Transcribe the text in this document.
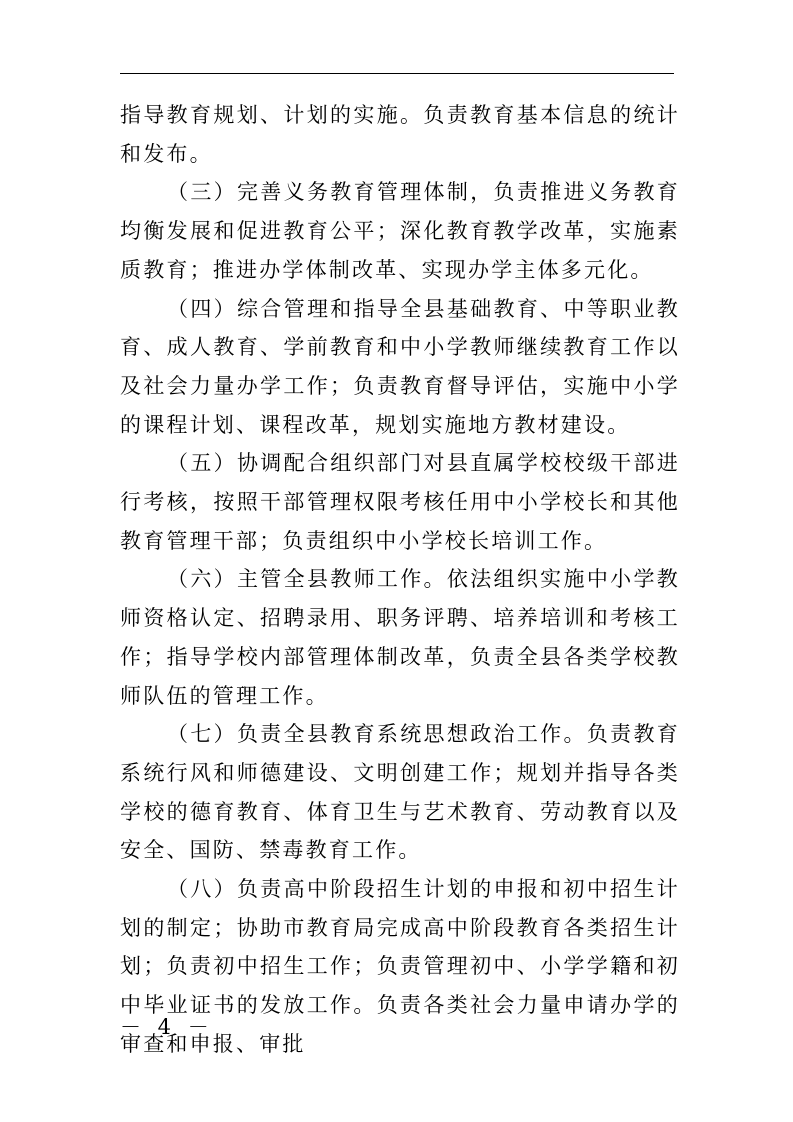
指导教育规划、计划的实施。负责教育基本信息的统计和发布。

（三）完善义务教育管理体制，负责推进义务教育均衡发展和促进教育公平；深化教育教学改革，实施素质教育；推进办学体制改革、实现办学主体多元化。

（四）综合管理和指导全县基础教育、中等职业教育、成人教育、学前教育和中小学教师继续教育工作以及社会力量办学工作；负责教育督导评估，实施中小学的课程计划、课程改革，规划实施地方教材建设。

（五）协调配合组织部门对县直属学校校级干部进行考核，按照干部管理权限考核任用中小学校长和其他教育管理干部；负责组织中小学校长培训工作。

（六）主管全县教师工作。依法组织实施中小学教师资格认定、招聘录用、职务评聘、培养培训和考核工作；指导学校内部管理体制改革，负责全县各类学校教师队伍的管理工作。

（七）负责全县教育系统思想政治工作。负责教育系统行风和师德建设、文明创建工作；规划并指导各类学校的德育教育、体育卫生与艺术教育、劳动教育以及安全、国防、禁毒教育工作。

（八）负责高中阶段招生计划的申报和初中招生计划的制定；协助市教育局完成高中阶段教育各类招生计划；负责初中招生工作；负责管理初中、小学学籍和初中毕业证书的发放工作。负责各类社会力量申请办学的审查和申报、审批

－ 4 －
